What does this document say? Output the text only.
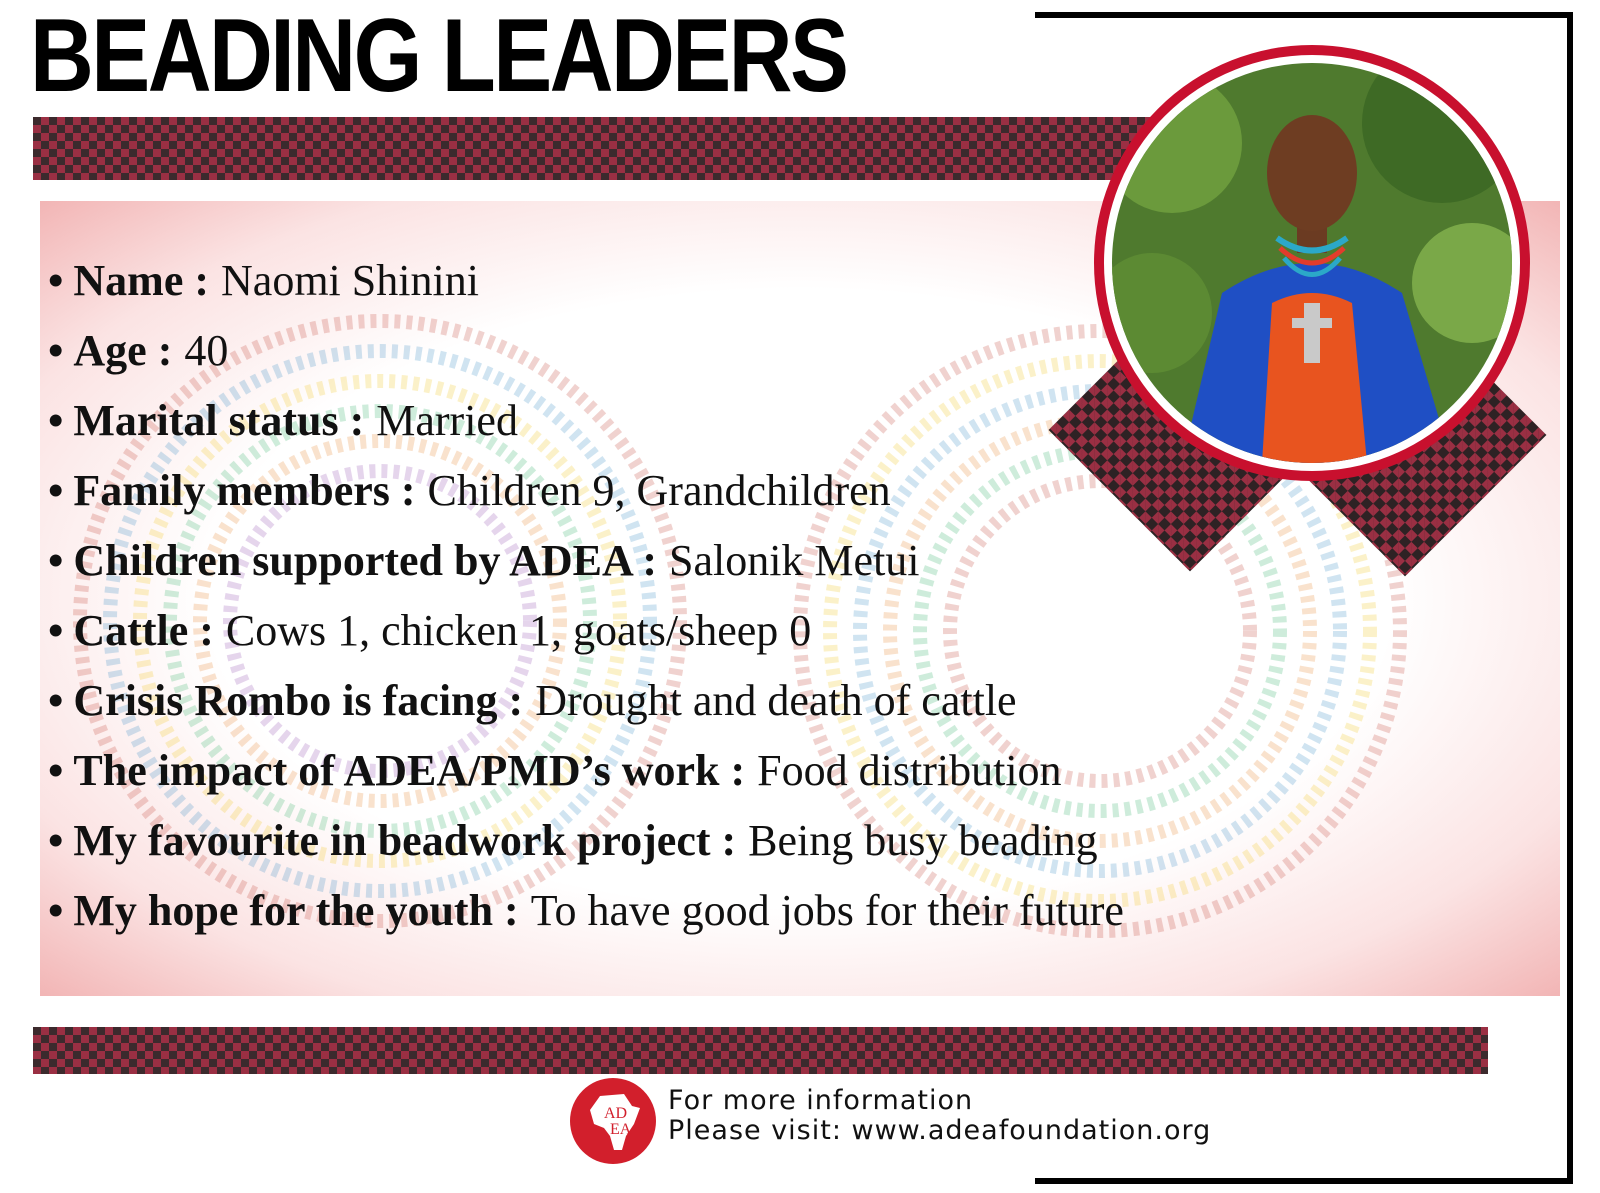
BEADING LEADERS
• Name : Naomi Shinini
• Age : 40
• Marital status : Married
• Family members : Children 9, Grandchildren
• Children supported by ADEA : Salonik Metui
• Cattle : Cows 1, chicken 1, goats/sheep 0
• Crisis Rombo is facing : Drought and death of cattle
• The impact of ADEA/PMD’s work : Food distribution
• My favourite in beadwork project : Being busy beading
• My hope for the youth : To have good jobs for their future
AD
EA
For more information
Please visit: www.adeafoundation.org
